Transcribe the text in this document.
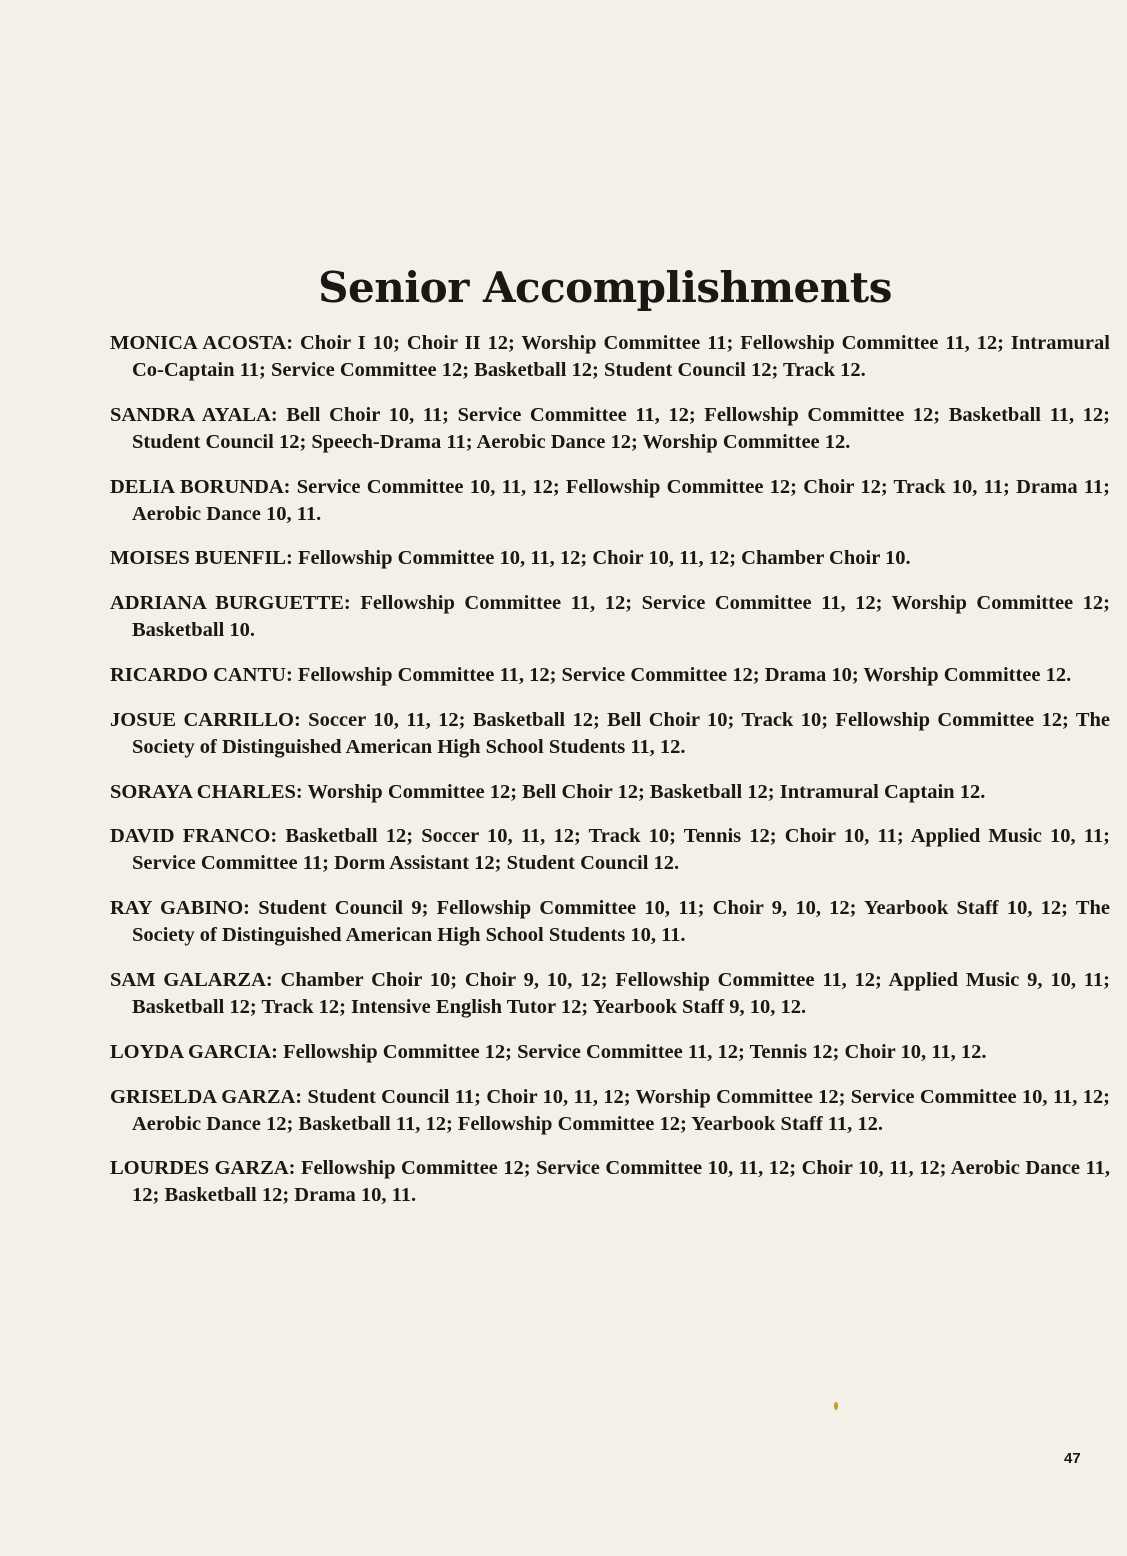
Senior Accomplishments

MONICA ACOSTA: Choir I 10; Choir II 12; Worship Committee 11; Fellowship Committee 11, 12; Intramural Co-Captain 11; Service Committee 12; Basketball 12; Student Council 12; Track 12.

SANDRA AYALA: Bell Choir 10, 11; Service Committee 11, 12; Fellowship Committee 12; Basketball 11, 12; Student Council 12; Speech-Drama 11; Aerobic Dance 12; Worship Committee 12.

DELIA BORUNDA: Service Committee 10, 11, 12; Fellowship Committee 12; Choir 12; Track 10, 11; Drama 11; Aerobic Dance 10, 11.

MOISES BUENFIL: Fellowship Committee 10, 11, 12; Choir 10, 11, 12; Chamber Choir 10.

ADRIANA BURGUETTE: Fellowship Committee 11, 12; Service Committee 11, 12; Worship Committee 12; Basketball 10.

RICARDO CANTU: Fellowship Committee 11, 12; Service Committee 12; Drama 10; Worship Committee 12.

JOSUE CARRILLO: Soccer 10, 11, 12; Basketball 12; Bell Choir 10; Track 10; Fellowship Committee 12; The Society of Distinguished American High School Students 11, 12.

SORAYA CHARLES: Worship Committee 12; Bell Choir 12; Basketball 12; Intramural Captain 12.

DAVID FRANCO: Basketball 12; Soccer 10, 11, 12; Track 10; Tennis 12; Choir 10, 11; Applied Music 10, 11; Service Committee 11; Dorm Assistant 12; Student Council 12.

RAY GABINO: Student Council 9; Fellowship Committee 10, 11; Choir 9, 10, 12; Yearbook Staff 10, 12; The Society of Distinguished American High School Students 10, 11.

SAM GALARZA: Chamber Choir 10; Choir 9, 10, 12; Fellowship Committee 11, 12; Applied Music 9, 10, 11; Basketball 12; Track 12; Intensive English Tutor 12; Yearbook Staff 9, 10, 12.

LOYDA GARCIA: Fellowship Committee 12; Service Committee 11, 12; Tennis 12; Choir 10, 11, 12.

GRISELDA GARZA: Student Council 11; Choir 10, 11, 12; Worship Committee 12; Service Committee 10, 11, 12; Aerobic Dance 12; Basketball 11, 12; Fellowship Committee 12; Yearbook Staff 11, 12.

LOURDES GARZA: Fellowship Committee 12; Service Committee 10, 11, 12; Choir 10, 11, 12; Aerobic Dance 11, 12; Basketball 12; Drama 10, 11.

47
